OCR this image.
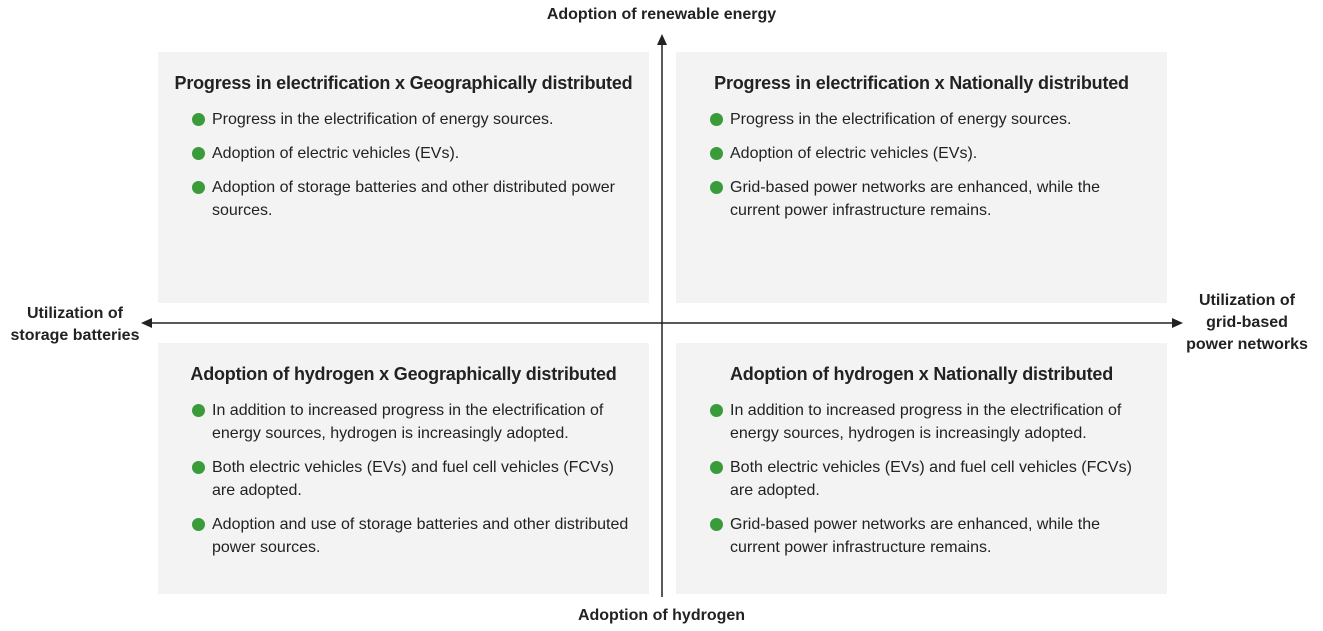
Adoption of renewable energy
Adoption of hydrogen
Utilization of
storage batteries
Utilization of
grid-based
power networks
Progress in electrification x Geographically distributed
Progress in the electrification of energy sources.
Adoption of electric vehicles (EVs).
Adoption of storage batteries and other distributed power sources.
Progress in electrification x Nationally distributed
Progress in the electrification of energy sources.
Adoption of electric vehicles (EVs).
Grid-based power networks are enhanced, while the current power infrastructure remains.
Adoption of hydrogen x Geographically distributed
In addition to increased progress in the electrification of energy sources, hydrogen is increasingly adopted.
Both electric vehicles (EVs) and fuel cell vehicles (FCVs) are adopted.
Adoption and use of storage batteries and other distributed power sources.
Adoption of hydrogen x Nationally distributed
In addition to increased progress in the electrification of energy sources, hydrogen is increasingly adopted.
Both electric vehicles (EVs) and fuel cell vehicles (FCVs) are adopted.
Grid-based power networks are enhanced, while the current power infrastructure remains.
